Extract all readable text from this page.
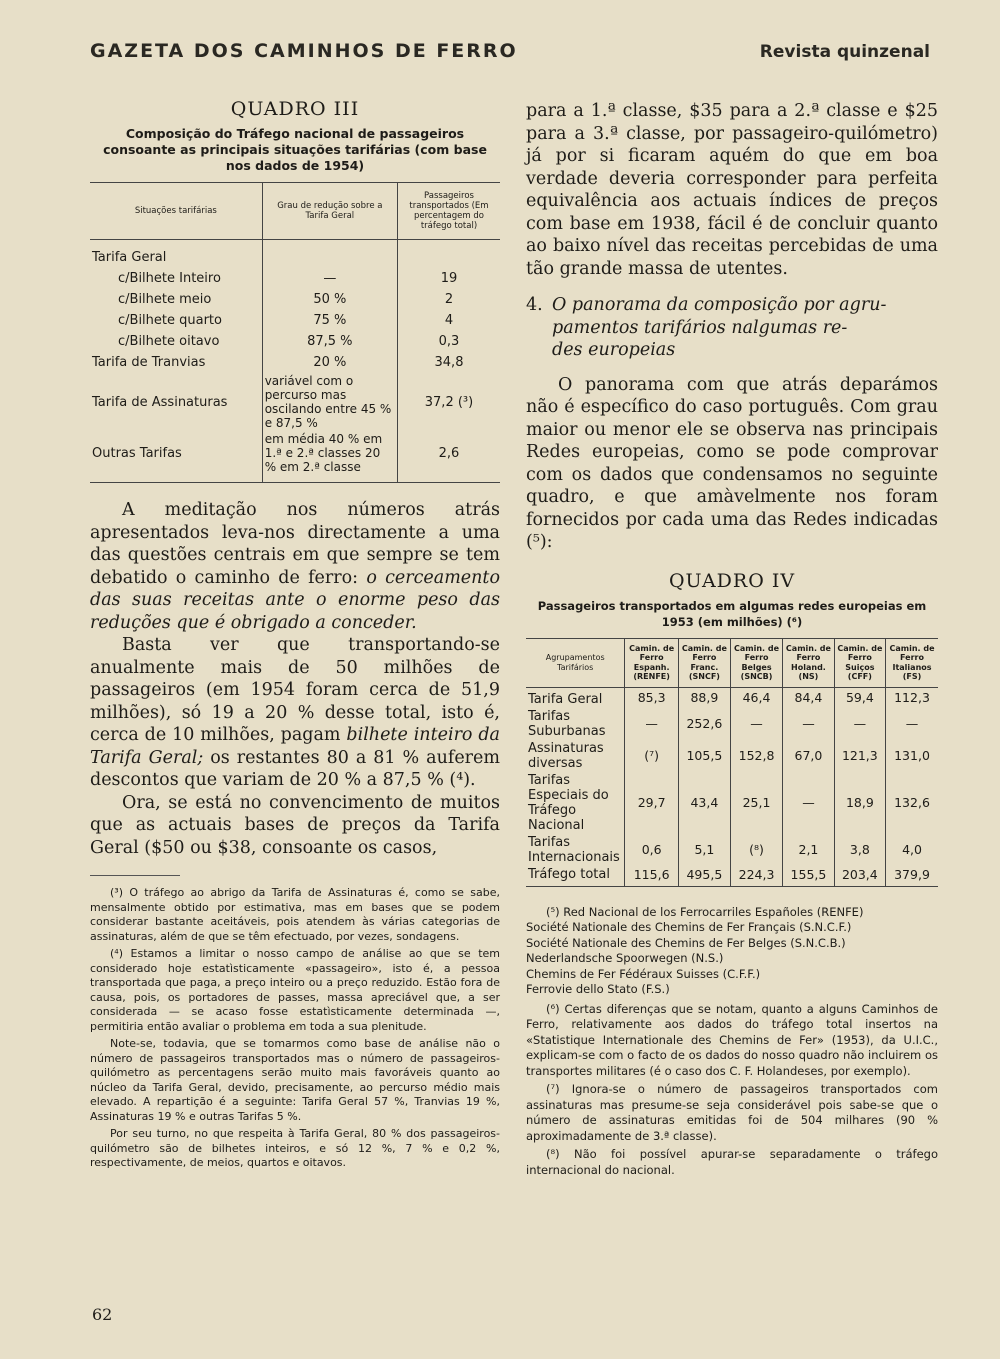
GAZETA DOS CAMINHOS DE FERRO	Revista quinzenal
QUADRO III
Composição do Tráfego nacional de passageiros consoante as principais situações tarifárias (com base nos dados de 1954)
Situações tarifárias	Grau de redução sobre a Tarifa Geral	Passageiros transportados (Em percentagem do tráfego total)
Tarifa Geral		
c/Bilhete Inteiro	—	19
c/Bilhete meio	50 %	2
c/Bilhete quarto	75 %	4
c/Bilhete oitavo	87,5 %	0,3
Tarifa de Tranvias	20 %	34,8
Tarifa de Assinaturas	variável com o percurso mas oscilando entre 45 % e 87,5 %	37,2 (³)
Outras Tarifas	em média 40 % em 1.ª e 2.ª classes 20 % em 2.ª classe	2,6

A meditação nos números atrás apresentados leva-nos directamente a uma das questões centrais em que sempre se tem debatido o caminho de ferro: o cerceamento das suas receitas ante o enorme peso das reduções que é obrigado a conceder.

Basta ver que transportando-se anualmente mais de 50 milhões de passageiros (em 1954 foram cerca de 51,9 milhões), só 19 a 20 % desse total, isto é, cerca de 10 milhões, pagam bilhete inteiro da Tarifa Geral; os restantes 80 a 81 % auferem descontos que variam de 20 % a 87,5 % (⁴).

Ora, se está no convencimento de muitos que as actuais bases de preços da Tarifa Geral ($50 ou $38, consoante os casos,

(³) O tráfego ao abrigo da Tarifa de Assinaturas é, como se sabe, mensalmente obtido por estimativa, mas em bases que se podem considerar bastante aceitáveis, pois atendem às várias categorias de assinaturas, além de que se têm efectuado, por vezes, sondagens.

(⁴) Estamos a limitar o nosso campo de análise ao que se tem considerado hoje estatìsticamente «passageiro», isto é, a pessoa transportada que paga, a preço inteiro ou a preço reduzido. Estão fora de causa, pois, os portadores de passes, massa apreciável que, a ser considerada — se acaso fosse estatìsticamente determinada —, permitiria então avaliar o problema em toda a sua plenitude.

Note-se, todavia, que se tomarmos como base de análise não o número de passageiros transportados mas o número de passageiros-quilómetro as percentagens serão muito mais favoráveis quanto ao núcleo da Tarifa Geral, devido, precisamente, ao percurso médio mais elevado. A repartição é a seguinte: Tarifa Geral 57 %, Tranvias 19 %, Assinaturas 19 % e outras Tarifas 5 %.

Por seu turno, no que respeita à Tarifa Geral, 80 % dos passageiros-quilómetro são de bilhetes inteiros, e só 12 %, 7 % e 0,2 %, respectivamente, de meios, quartos e oitavos.

para a 1.ª classe, $35 para a 2.ª classe e $25 para a 3.ª classe, por passageiro-quilómetro) já por si ficaram aquém do que em boa verdade deveria corresponder para perfeita equivalência aos actuais índices de preços com base em 1938, fácil é de concluir quanto ao baixo nível das receitas percebidas de uma tão grande massa de utentes.

4. O panorama da composição por agru-
pamentos tarifários nalgumas re-
des europeias

O panorama com que atrás deparámos não é específico do caso português. Com grau maior ou menor ele se observa nas principais Redes europeias, como se pode comprovar com os dados que condensamos no seguinte quadro, e que amàvelmente nos foram fornecidos por cada uma das Redes indicadas (⁵):

QUADRO IV
Passageiros transportados em algumas redes europeias em 1953 (em milhões) (⁶)
Agrupamentos Tarifários	Camin. de Ferro Espanh. (RENFE)	Camin. de Ferro Franc. (SNCF)	Camin. de Ferro Belges (SNCB)	Camin. de Ferro Holand. (NS)	Camin. de Ferro Suiços (CFF)	Camin. de Ferro Italianos (FS)
Tarifa Geral	85,3	88,9	46,4	84,4	59,4	112,3
Tarifas Suburbanas	—	252,6	—	—	—	—
Assinaturas diversas	(⁷)	105,5	152,8	67,0	121,3	131,0
Tarifas Especiais do Tráfego Nacional	29,7	43,4	25,1	—	18,9	132,6
Tarifas Internacionais	0,6	5,1	(⁸)	2,1	3,8	4,0
Tráfego total	115,6	495,5	224,3	155,5	203,4	379,9

(⁵) Red Nacional de los Ferrocarriles Españoles (RENFE)

Société Nationale des Chemins de Fer Français (S.N.C.F.)

Société Nationale des Chemins de Fer Belges (S.N.C.B.)

Nederlandsche Spoorwegen (N.S.)

Chemins de Fer Fédéraux Suisses (C.F.F.)

Ferrovie dello Stato (F.S.)

(⁶) Certas diferenças que se notam, quanto a alguns Caminhos de Ferro, relativamente aos dados do tráfego total insertos na «Statistique Internationale des Chemins de Fer» (1953), da U.I.C., explicam-se com o facto de os dados do nosso quadro não incluirem os transportes militares (é o caso dos C. F. Holandeses, por exemplo).

(⁷) Ignora-se o número de passageiros transportados com assinaturas mas presume-se seja considerável pois sabe-se que o número de assinaturas emitidas foi de 504 milhares (90 % aproximadamente de 3.ª classe).

(⁸) Não foi possível apurar-se separadamente o tráfego internacional do nacional.

62
